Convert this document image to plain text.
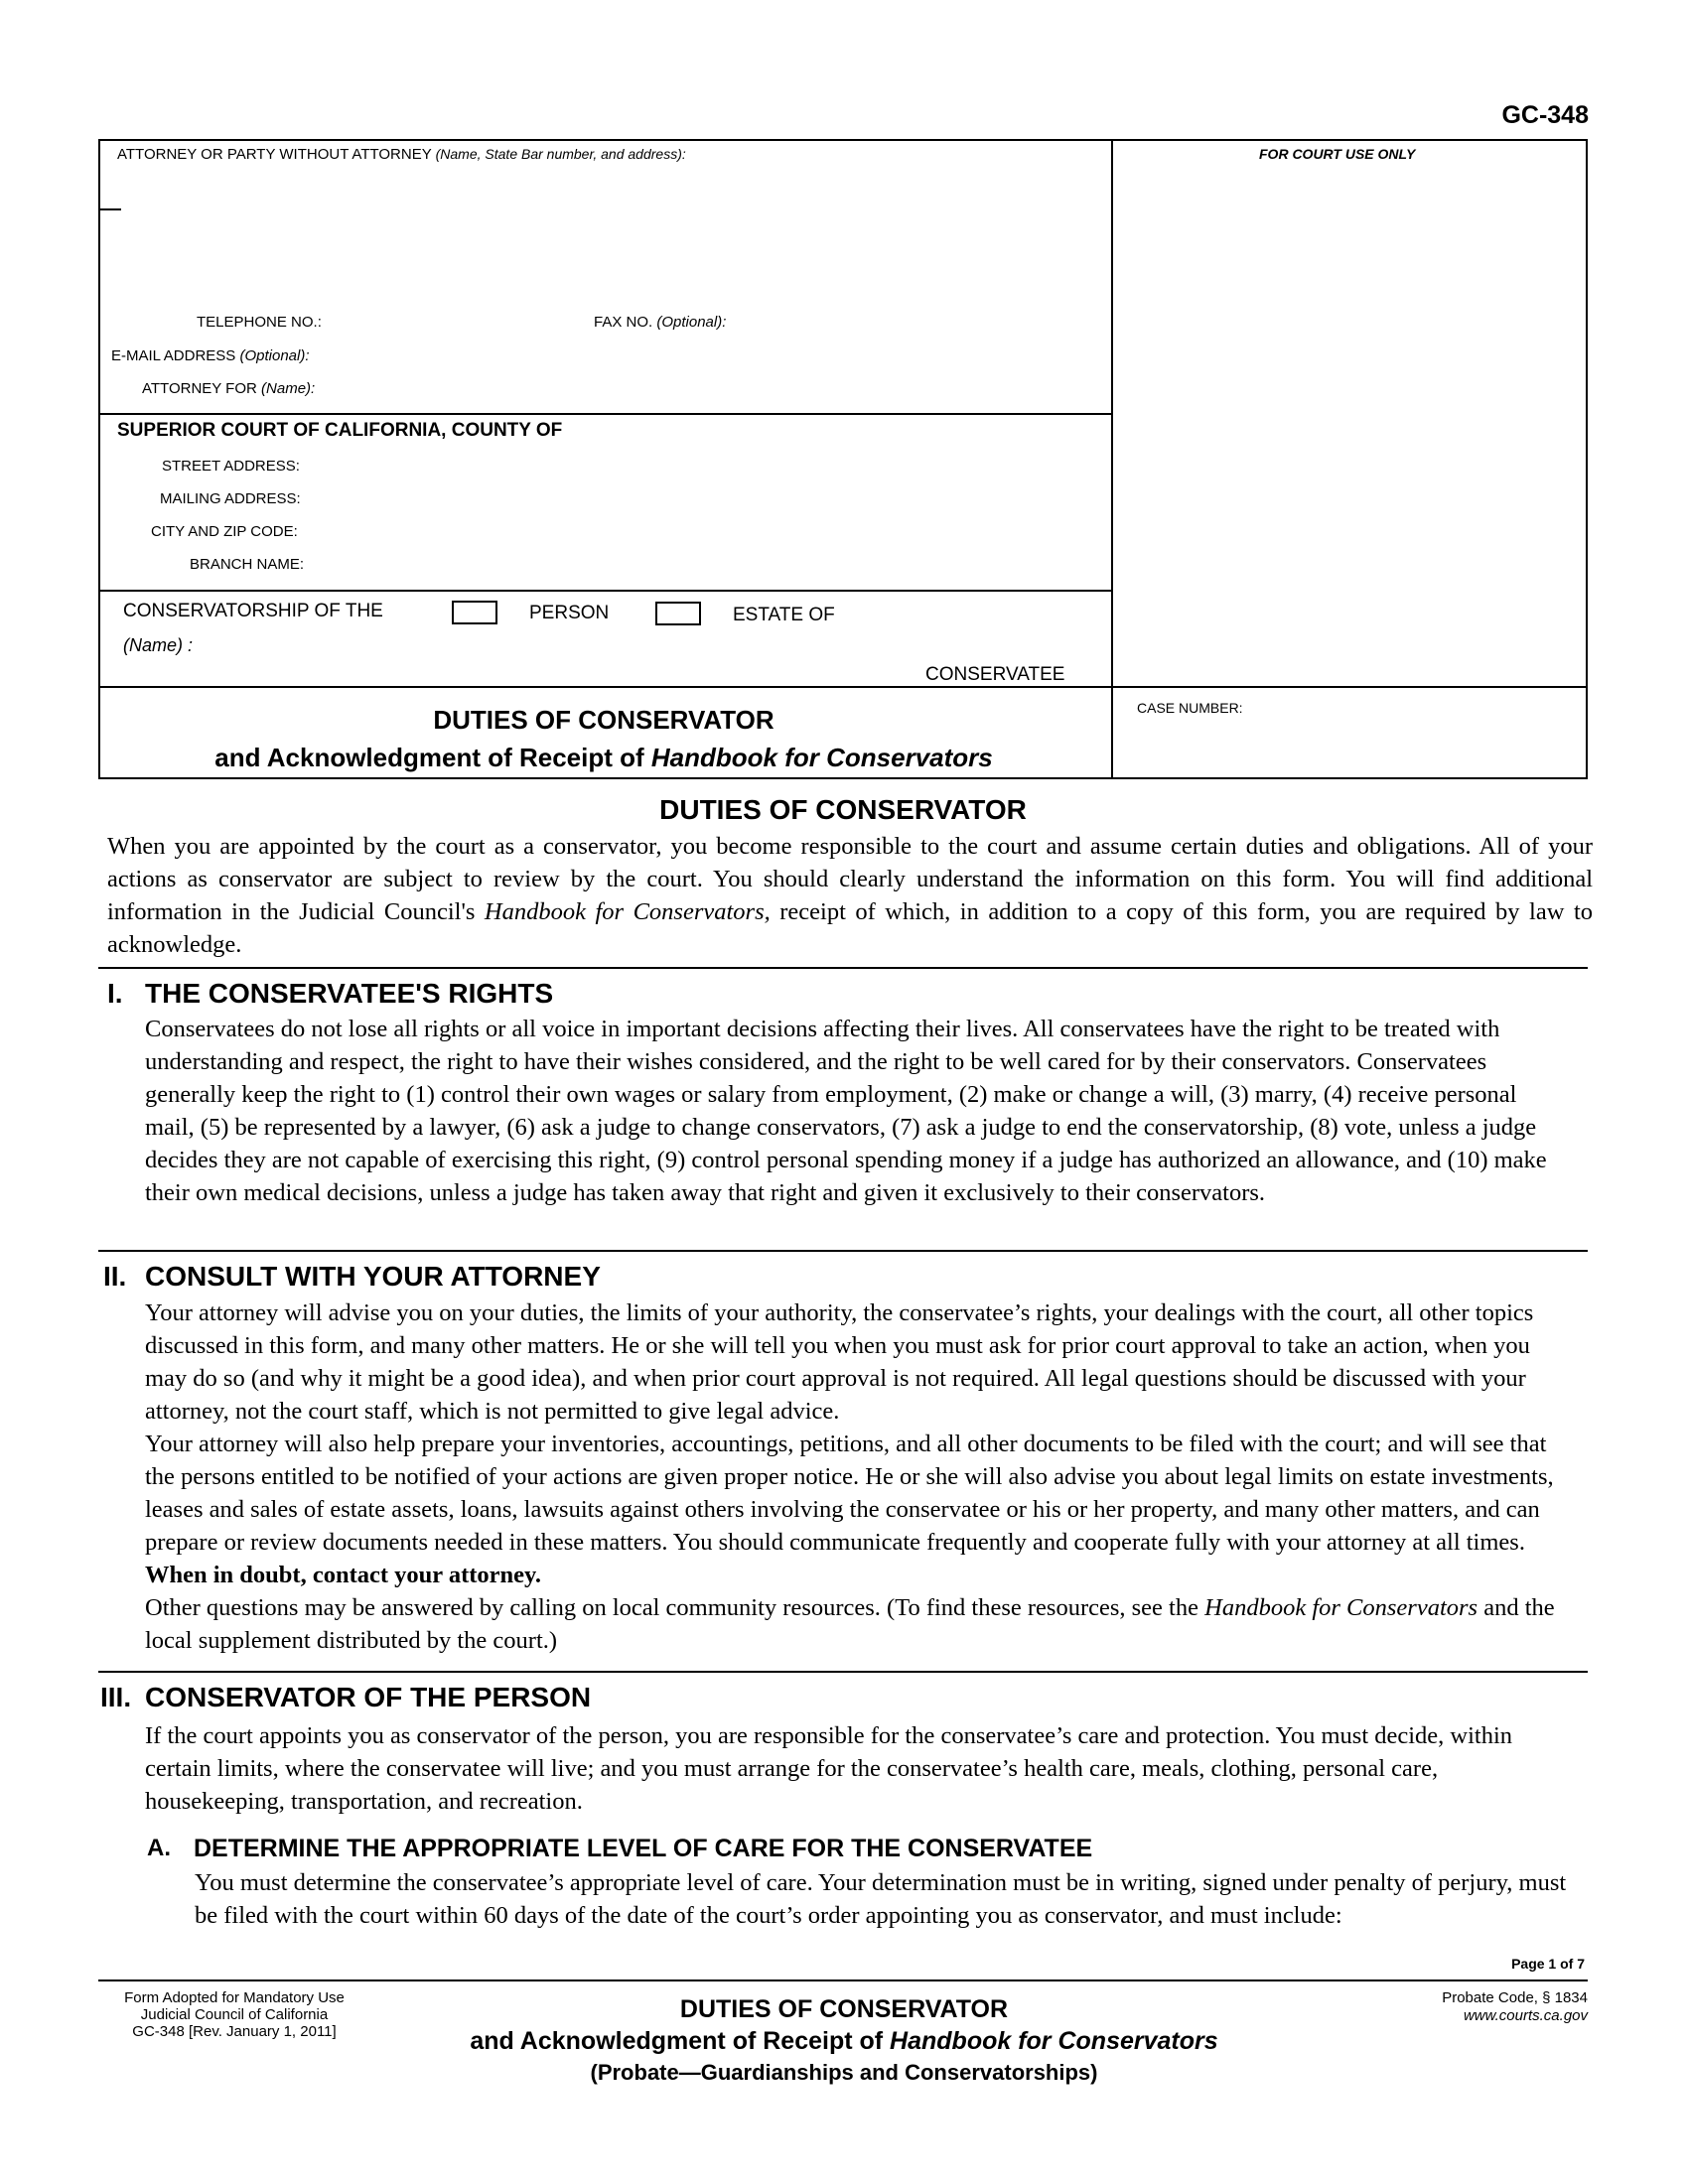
GC-348
ATTORNEY OR PARTY WITHOUT ATTORNEY (Name, State Bar number, and address):	FOR COURT USE ONLY
TELEPHONE NO.:	FAX NO. (Optional):
E-MAIL ADDRESS (Optional):
ATTORNEY FOR (Name):
SUPERIOR COURT OF CALIFORNIA, COUNTY OF
STREET ADDRESS:
MAILING ADDRESS:
CITY AND ZIP CODE:
BRANCH NAME:
CONSERVATORSHIP OF THE	PERSON	ESTATE OF
(Name) :
CONSERVATEE
DUTIES OF CONSERVATOR
and Acknowledgment of Receipt of Handbook for Conservators
CASE NUMBER:
DUTIES OF CONSERVATOR
When you are appointed by the court as a conservator, you become responsible to the court and assume certain duties and obligations. All of your actions as conservator are subject to review by the court. You should clearly understand the information on this form. You will find additional information in the Judicial Council's Handbook for Conservators, receipt of which, in addition to a copy of this form, you are required by law to acknowledge.
I. THE CONSERVATEE'S RIGHTS
Conservatees do not lose all rights or all voice in important decisions affecting their lives. All conservatees have the right to be treated with understanding and respect, the right to have their wishes considered, and the right to be well cared for by their conservators. Conservatees generally keep the right to (1) control their own wages or salary from employment, (2) make or change a will, (3) marry, (4) receive personal mail, (5) be represented by a lawyer, (6) ask a judge to change conservators, (7) ask a judge to end the conservatorship, (8) vote, unless a judge decides they are not capable of exercising this right, (9) control personal spending money if a judge has authorized an allowance, and (10) make their own medical decisions, unless a judge has taken away that right and given it exclusively to their conservators.
II. CONSULT WITH YOUR ATTORNEY
Your attorney will advise you on your duties, the limits of your authority, the conservatee’s rights, your dealings with the court, all other topics discussed in this form, and many other matters. He or she will tell you when you must ask for prior court approval to take an action, when you may do so (and why it might be a good idea), and when prior court approval is not required. All legal questions should be discussed with your attorney, not the court staff, which is not permitted to give legal advice.
Your attorney will also help prepare your inventories, accountings, petitions, and all other documents to be filed with the court; and will see that the persons entitled to be notified of your actions are given proper notice. He or she will also advise you about legal limits on estate investments, leases and sales of estate assets, loans, lawsuits against others involving the conservatee or his or her property, and many other matters, and can prepare or review documents needed in these matters. You should communicate frequently and cooperate fully with your attorney at all times. When in doubt, contact your attorney.
Other questions may be answered by calling on local community resources. (To find these resources, see the Handbook for Conservators and the local supplement distributed by the court.)
III. CONSERVATOR OF THE PERSON
If the court appoints you as conservator of the person, you are responsible for the conservatee’s care and protection. You must decide, within certain limits, where the conservatee will live; and you must arrange for the conservatee’s health care, meals, clothing, personal care, housekeeping, transportation, and recreation.
A. DETERMINE THE APPROPRIATE LEVEL OF CARE FOR THE CONSERVATEE
You must determine the conservatee’s appropriate level of care. Your determination must be in writing, signed under penalty of perjury, must be filed with the court within 60 days of the date of the court’s order appointing you as conservator, and must include:
Page 1 of 7
Form Adopted for Mandatory Use
Judicial Council of California
GC-348 [Rev. January 1, 2011]
DUTIES OF CONSERVATOR
and Acknowledgment of Receipt of Handbook for Conservators
(Probate—Guardianships and Conservatorships)
Probate Code, § 1834
www.courts.ca.gov
